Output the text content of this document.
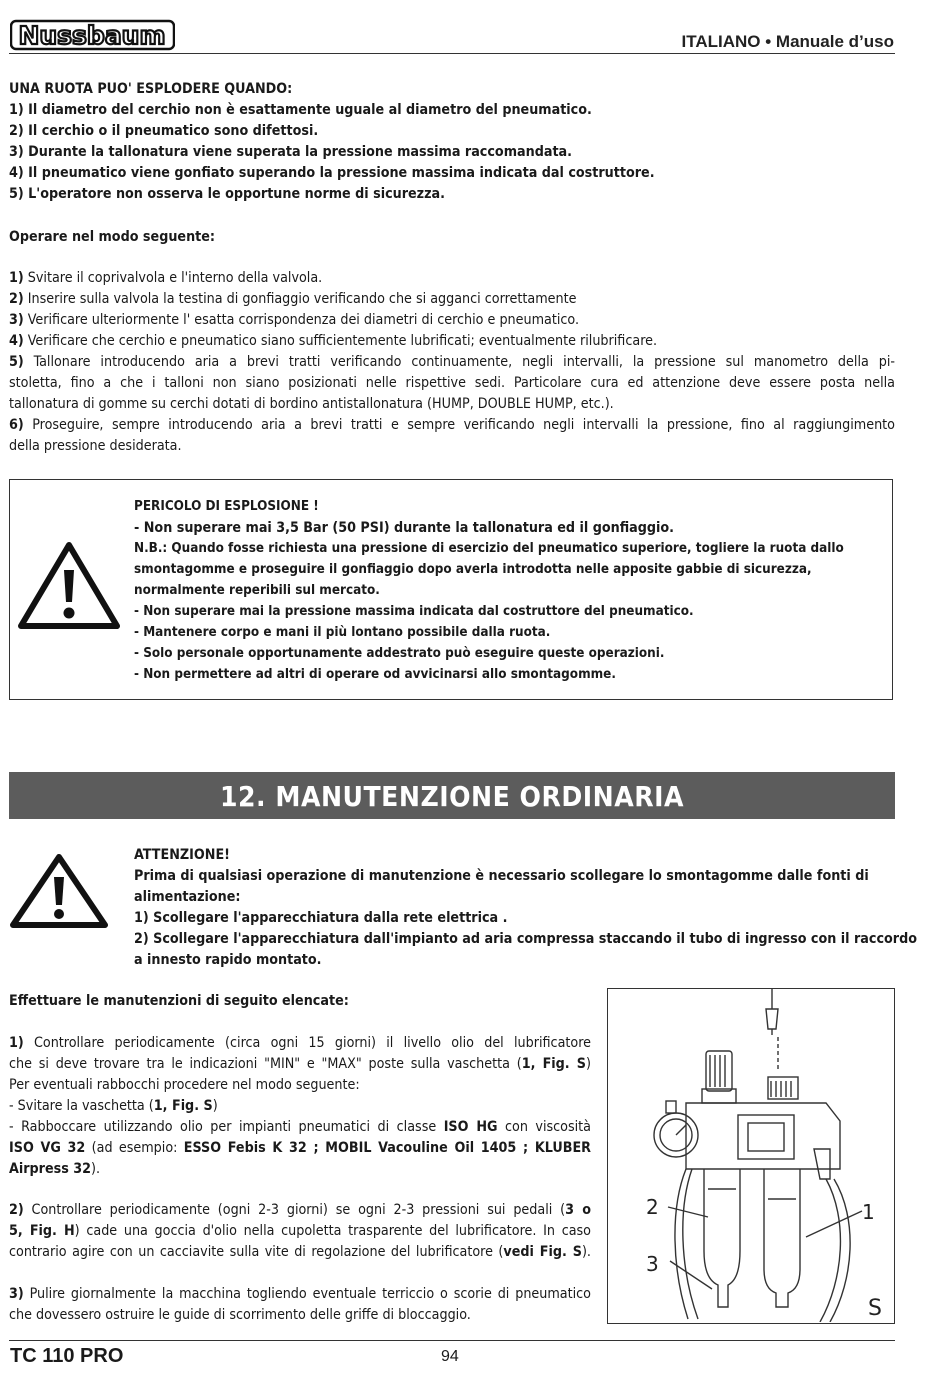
Nussbaum	ITALIANO • Manuale d’uso
UNA RUOTA PUO' ESPLODERE QUANDO:
1) Il diametro del cerchio non è esattamente uguale al diametro del pneumatico.
2) Il cerchio o il pneumatico sono difettosi.
3) Durante la tallonatura viene superata la pressione massima raccomandata.
4) Il pneumatico viene gonfiato superando la pressione massima indicata dal costruttore.
5) L'operatore non osserva le opportune norme di sicurezza.
Operare nel modo seguente:
1) Svitare il coprivalvola e l'interno della valvola.
2) Inserire sulla valvola la testina di gonfiaggio verificando che si agganci correttamente
3) Verificare ulteriormente l' esatta corrispondenza dei diametri di cerchio e pneumatico.
4) Verificare che cerchio e pneumatico siano sufficientemente lubrificati; eventualmente rilubrificare.
5) Tallonare introducendo aria a brevi tratti verificando continuamente, negli intervalli, la pressione sul manometro della pi-
stoletta, fino a che i talloni non siano posizionati nelle rispettive sedi. Particolare cura ed attenzione deve essere posta nella
tallonatura di gomme su cerchi dotati di bordino antistallonatura (HUMP, DOUBLE HUMP, etc.).
6) Proseguire, sempre introducendo aria a brevi tratti e sempre verificando negli intervalli la pressione, fino al raggiungimento
della pressione desiderata.
PERICOLO DI ESPLOSIONE !
- Non superare mai 3,5 Bar (50 PSI) durante la tallonatura ed il gonfiaggio.
N.B.: Quando fosse richiesta una pressione di esercizio del pneumatico superiore, togliere la ruota dallo
smontagomme e proseguire il gonfiaggio dopo averla introdotta nelle apposite gabbie di sicurezza,
normalmente reperibili sul mercato.
- Non superare mai la pressione massima indicata dal costruttore del pneumatico.
- Mantenere corpo e mani il più lontano possibile dalla ruota.
- Solo personale opportunamente addestrato può eseguire queste operazioni.
- Non permettere ad altri di operare od avvicinarsi allo smontagomme.
12. MANUTENZIONE ORDINARIA
ATTENZIONE!
Prima di qualsiasi operazione di manutenzione è necessario scollegare lo smontagomme dalle fonti di
alimentazione:
1) Scollegare l'apparecchiatura dalla rete elettrica .
2) Scollegare l'apparecchiatura dall'impianto ad aria compressa staccando il tubo di ingresso con il raccordo
a innesto rapido montato.
Effettuare le manutenzioni di seguito elencate:
1) Controllare periodicamente (circa ogni 15 giorni) il livello olio del lubrificatore
che si deve trovare tra le indicazioni "MIN" e "MAX" poste sulla vaschetta (1, Fig. S)
Per eventuali rabbocchi procedere nel modo seguente:
- Svitare la vaschetta (1, Fig. S)
- Rabboccare utilizzando olio per impianti pneumatici di classe ISO HG con viscosità
ISO VG 32 (ad esempio: ESSO Febis K 32 ; MOBIL Vacouline Oil 1405 ; KLUBER
Airpress 32).
2) Controllare periodicamente (ogni 2-3 giorni) se ogni 2-3 pressioni sui pedali (3 o
5, Fig. H) cade una goccia d'olio nella cupoletta trasparente del lubrificatore. In caso
contrario agire con un cacciavite sulla vite di regolazione del lubrificatore (vedi Fig. S).
3) Pulire giornalmente la macchina togliendo eventuale terriccio o scorie di pneumatico
che dovessero ostruire le guide di scorrimento delle griffe di bloccaggio.
2
3
1
S
TC 110 PRO	94
